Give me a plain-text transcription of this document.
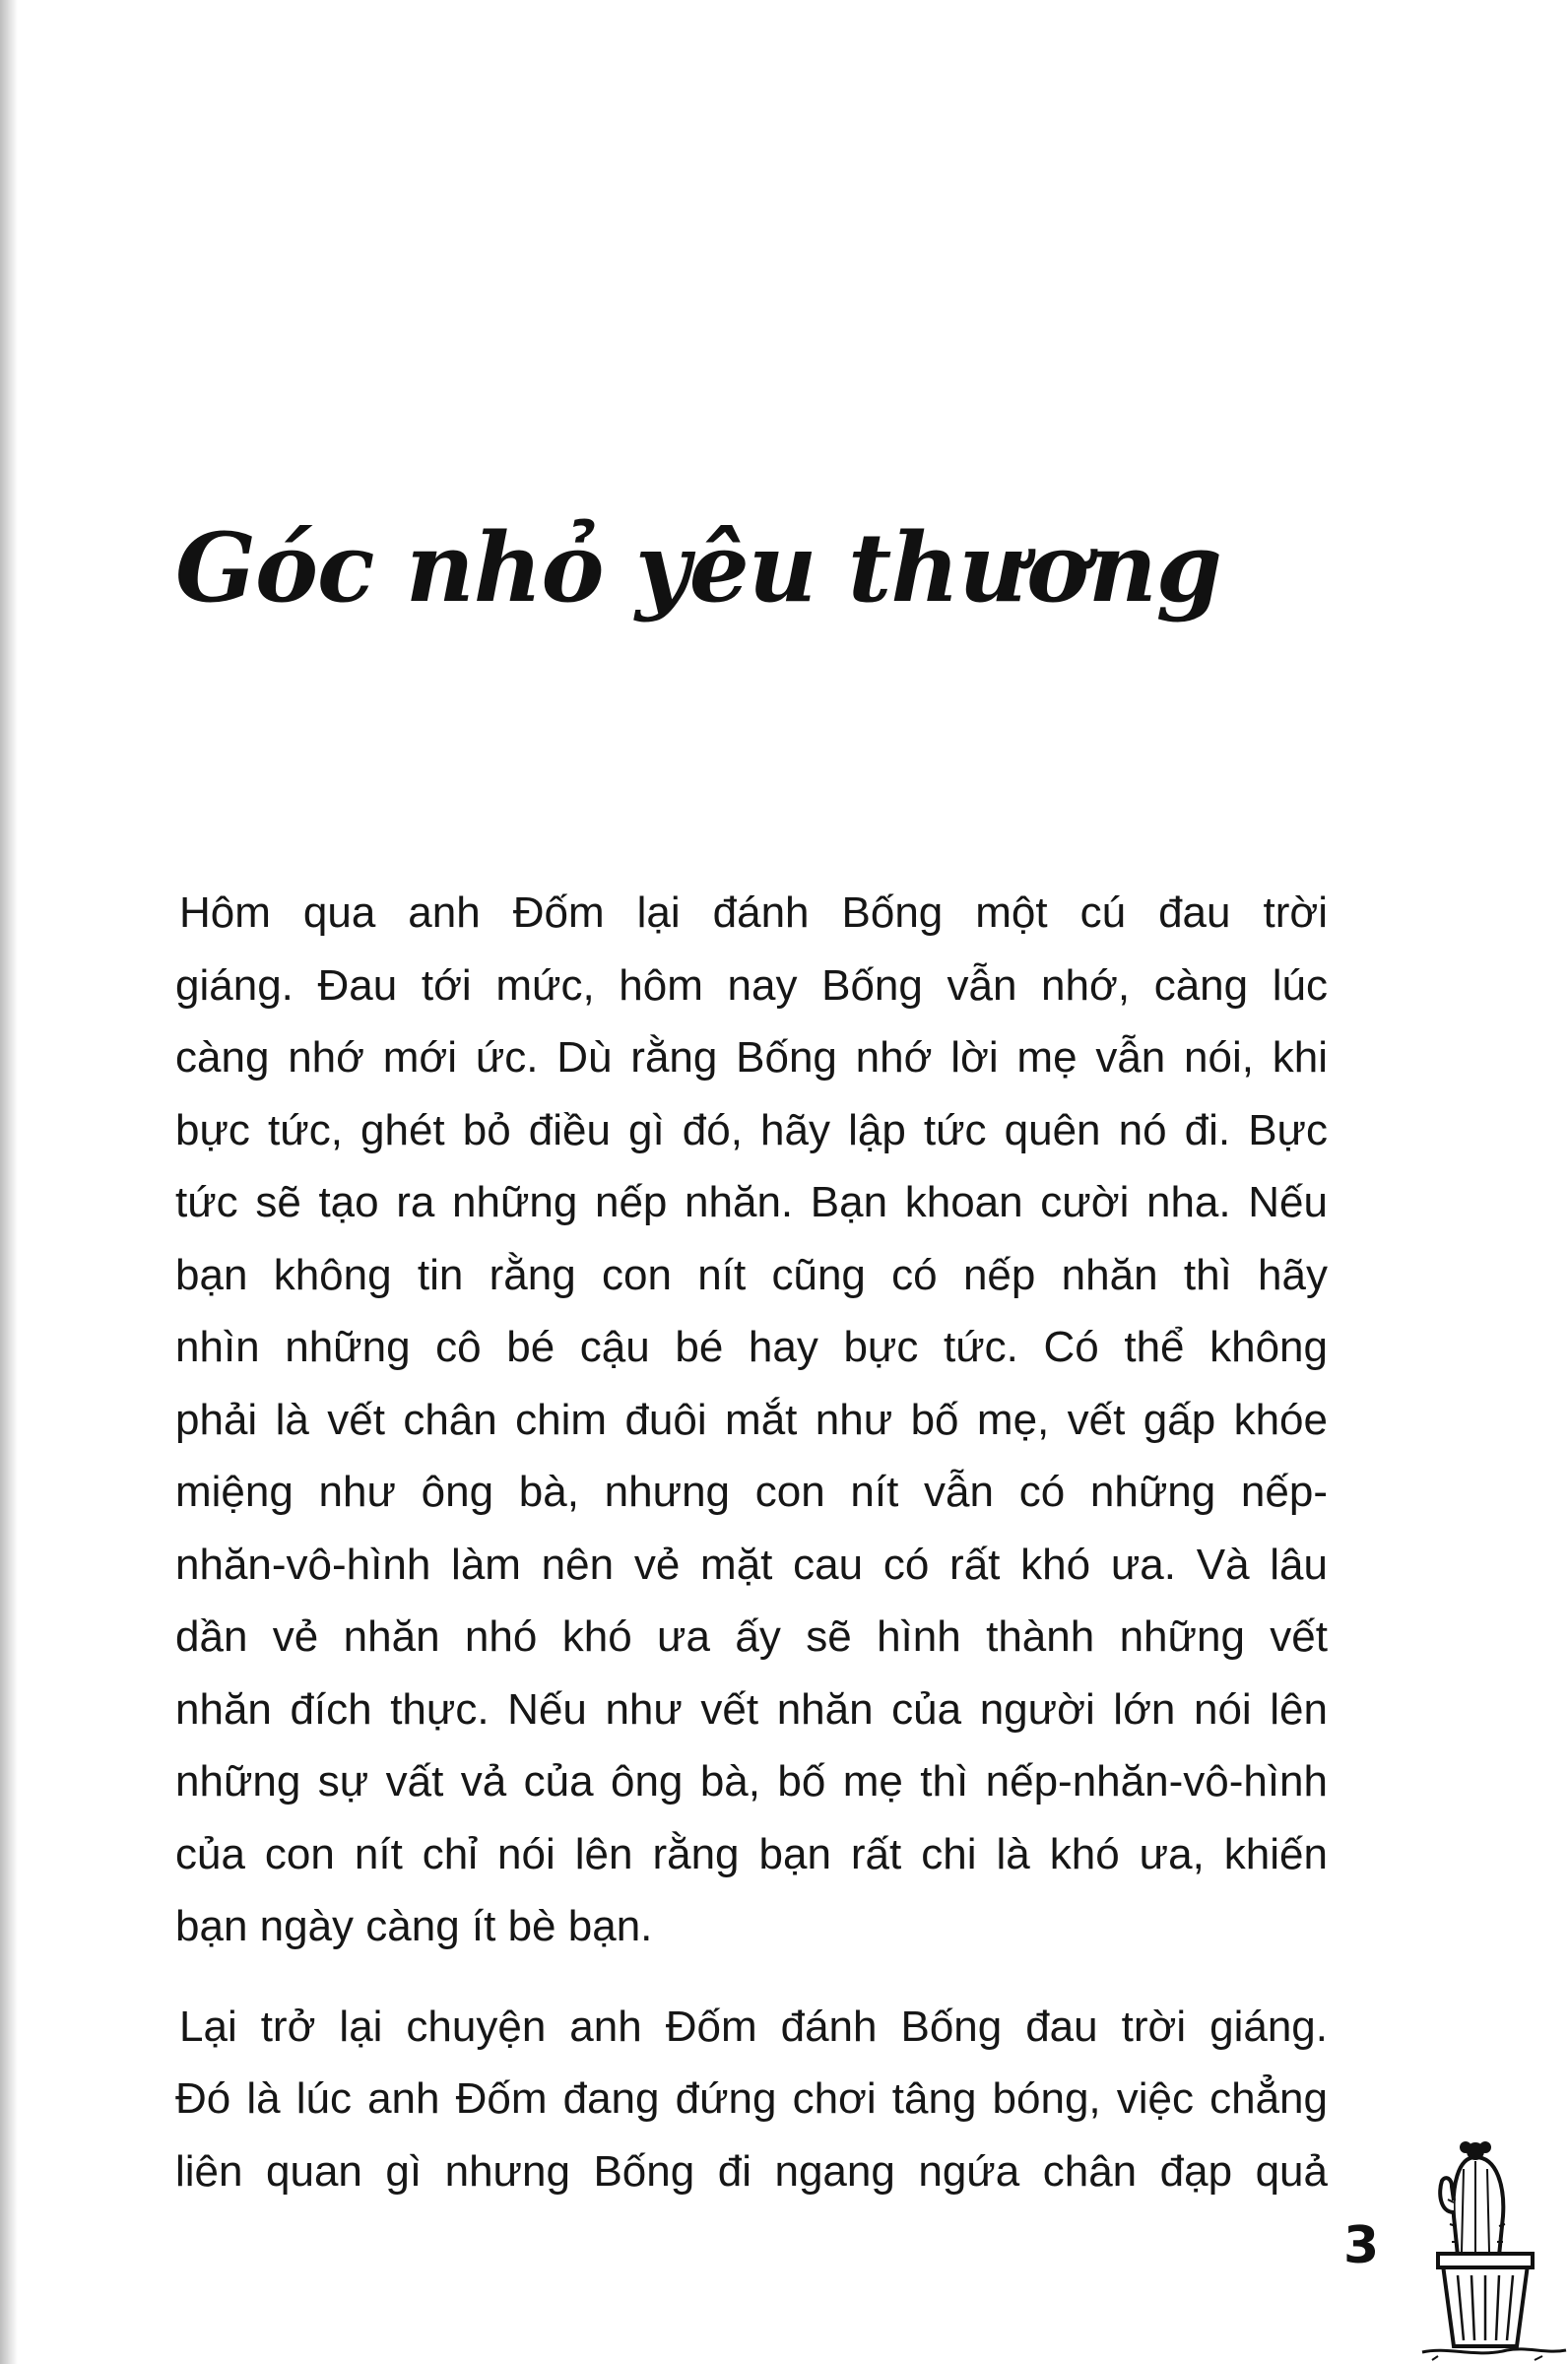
Góc nhỏ yêu thương

Hôm qua anh Đốm lại đánh Bống một cú đau trời
giáng. Đau tới mức, hôm nay Bống vẫn nhớ, càng lúc
càng nhớ mới ức. Dù rằng Bống nhớ lời mẹ vẫn nói, khi
bực tức, ghét bỏ điều gì đó, hãy lập tức quên nó đi. Bực
tức sẽ tạo ra những nếp nhăn. Bạn khoan cười nha. Nếu
bạn không tin rằng con nít cũng có nếp nhăn thì hãy
nhìn những cô bé cậu bé hay bực tức. Có thể không
phải là vết chân chim đuôi mắt như bố mẹ, vết gấp khóe
miệng như ông bà, nhưng con nít vẫn có những nếp-
nhăn-vô-hình làm nên vẻ mặt cau có rất khó ưa. Và lâu
dần vẻ nhăn nhó khó ưa ấy sẽ hình thành những vết
nhăn đích thực. Nếu như vết nhăn của người lớn nói lên
những sự vất vả của ông bà, bố mẹ thì nếp-nhăn-vô-hình
của con nít chỉ nói lên rằng bạn rất chi là khó ưa, khiến
bạn ngày càng ít bè bạn.

Lại trở lại chuyện anh Đốm đánh Bống đau trời giáng.
Đó là lúc anh Đốm đang đứng chơi tâng bóng, việc chẳng
liên quan gì nhưng Bống đi ngang ngứa chân đạp quả

3
